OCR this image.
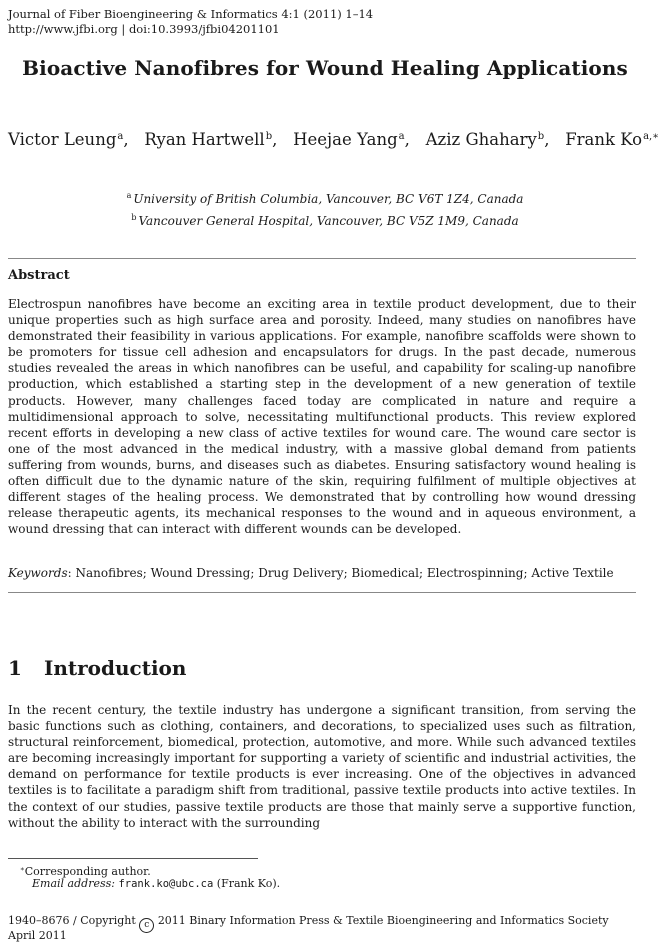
Journal of Fiber Bioengineering & Informatics 4:1 (2011) 1–14
http://www.jfbi.org | doi:10.3993/jfbi04201101
Bioactive Nanofibres for Wound Healing Applications
Victor Leung$^a$, Ryan Hartwell$^b$, Heejae Yang$^a$, Aziz Ghahary$^b$, Frank $Ko^{a,∗}$
$^a$ University of British Columbia, Vancouver, BC V6T 1Z4, Canada
$^b$ Vancouver General Hospital, Vancouver, BC V5Z 1M9, Canada
Abstract

Electrospun nanofibres have become an exciting area in textile product development, due to their unique properties such as high surface area and porosity. Indeed, many studies on nanofibres have demonstrated their feasibility in various applications. For example, nanofibre scaffolds were shown to be promoters for tissue cell adhesion and encapsulators for drugs. In the past decade, numerous studies revealed the areas in which nanofibres can be useful, and capability for scaling-up nanofibre production, which established a starting step in the development of a new generation of textile products. However, many challenges faced today are complicated in nature and require a multidimensional approach to solve, necessitating multifunctional products. This review explored recent efforts in developing a new class of active textiles for wound care. The wound care sector is one of the most advanced in the medical industry, with a massive global demand from patients suffering from wounds, burns, and diseases such as diabetes. Ensuring satisfactory wound healing is often difficult due to the dynamic nature of the skin, requiring fulfilment of multiple objectives at different stages of the healing process. We demonstrated that by controlling how wound dressing release therapeutic agents, its mechanical responses to the wound and in aqueous environment, a wound dressing that can interact with different wounds can be developed.

Keywords: Nanofibres; Wound Dressing; Drug Delivery; Biomedical; Electrospinning; Active Textile
1 Introduction

In the recent century, the textile industry has undergone a significant transition, from serving the basic functions such as clothing, containers, and decorations, to specialized uses such as filtration, structural reinforcement, biomedical, protection, automotive, and more. While such advanced textiles are becoming increasingly important for supporting a variety of scientific and industrial activities, the demand on performance for textile products is ever increasing. One of the objectives in advanced textiles is to facilitate a paradigm shift from traditional, passive textile products into active textiles. In the context of our studies, passive textile products are those that mainly serve a supportive function, without the ability to interact with the surrounding

∗Corresponding author.
Email address: frank.ko@ubc.ca (Frank Ko).
1940–8676 / Copyright c 2011 Binary Information Press & Textile Bioengineering and Informatics Society
April 2011
